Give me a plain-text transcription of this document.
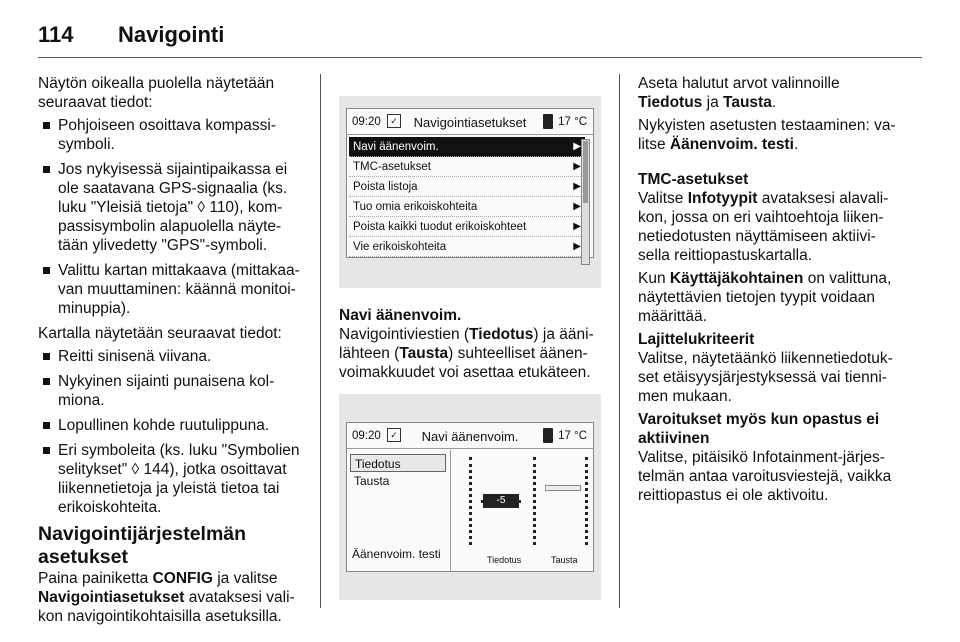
114 Navigointi

Näytön oikealla puolella näytetään seuraavat tiedot:

Pohjoiseen osoittava kompassi-symboli.
Jos nykyisessä sijaintipaikassa ei ole saatavana GPS-signaalia (ks. luku "Yleisiä tietoja" ◊ 110), kom-passisymbolin alapuolella näyte-tään ylivedetty "GPS"-symboli.
Valittu kartan mittakaava (mittakaa-van muuttaminen: käännä monitoi-minuppia).

Kartalla näytetään seuraavat tiedot:

Reitti sinisenä viivana.
Nykyinen sijainti punaisena kol-miona.
Lopullinen kohde ruutulippuna.
Eri symboleita (ks. luku "Symbolien selitykset" ◊ 144), jotka osoittavat liikennetietoja ja yleistä tietoa tai erikoiskohteita.
Navigointijärjestelmän
asetukset

Paina painiketta CONFIG ja valitse Navigointiasetukset avataksesi vali-kon navigointikohtaisilla asetuksilla.

09:20	✓	Navigointiasetukset	17 °C
Navi äänenvoim.	▶
TMC-asetukset	▶
Poista listoja	▶
Tuo omia erikoiskohteita	▶
Poista kaikki tuodut erikoiskohteet	▶
Vie erikoiskohteita	▶
Navi äänenvoim.

Navigointiviestien (Tiedotus) ja ääni-lähteen (Tausta) suhteelliset äänen-voimakkuudet voi asettaa etukäteen.

09:20	✓	Navi äänenvoim.	17 °C
Tiedotus
Tausta
Äänenvoim. testi
-5
Tiedotus	Tausta

Aseta halutut arvot valinnoille Tiedotus ja Tausta.

Nykyisten asetusten testaaminen: va-litse Äänenvoim. testi.

TMC-asetukset

Valitse Infotyypit avataksesi alavali-kon, jossa on eri vaihtoehtoja liiken-netiedotusten näyttämiseen aktiivi-sella reittiopastuskartalla.

Kun Käyttäjäkohtainen on valittuna, näytettävien tietojen tyypit voidaan määrittää.

Lajittelukriteerit

Valitse, näytetäänkö liikennetiedotuk-set etäisyysjärjestyksessä vai tienni-men mukaan.

Varoitukset myös kun opastus ei aktiivinen

Valitse, pitäisikö Infotainment-järjes-telmän antaa varoitusviestejä, vaikka reittiopastus ei ole aktivoitu.
